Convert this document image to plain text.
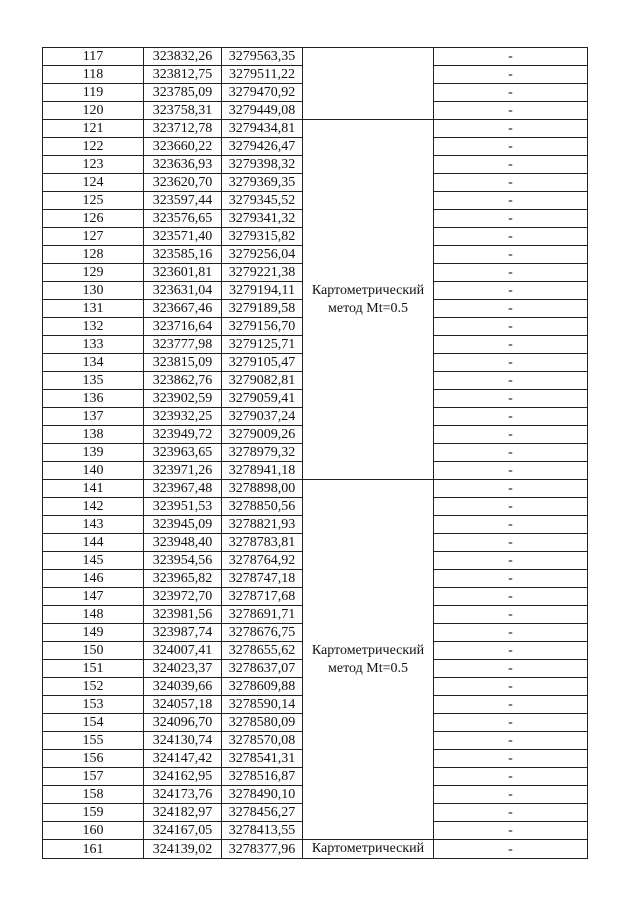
117	323832,26	3279563,35		-
118	323812,75	3279511,22		-
119	323785,09	3279470,92		-
120	323758,31	3279449,08		-
121	323712,78	3279434,81	Картометрический метод Mt=0.5	-
122	323660,22	3279426,47		-
123	323636,93	3279398,32		-
124	323620,70	3279369,35		-
125	323597,44	3279345,52		-
126	323576,65	3279341,32		-
127	323571,40	3279315,82		-
128	323585,16	3279256,04		-
129	323601,81	3279221,38		-
130	323631,04	3279194,11		-
131	323667,46	3279189,58		-
132	323716,64	3279156,70		-
133	323777,98	3279125,71		-
134	323815,09	3279105,47		-
135	323862,76	3279082,81		-
136	323902,59	3279059,41		-
137	323932,25	3279037,24		-
138	323949,72	3279009,26		-
139	323963,65	3278979,32		-
140	323971,26	3278941,18		-
141	323967,48	3278898,00	Картометрический метод Mt=0.5	-
142	323951,53	3278850,56		-
143	323945,09	3278821,93		-
144	323948,40	3278783,81		-
145	323954,56	3278764,92		-
146	323965,82	3278747,18		-
147	323972,70	3278717,68		-
148	323981,56	3278691,71		-
149	323987,74	3278676,75		-
150	324007,41	3278655,62		-
151	324023,37	3278637,07		-
152	324039,66	3278609,88		-
153	324057,18	3278590,14		-
154	324096,70	3278580,09		-
155	324130,74	3278570,08		-
156	324147,42	3278541,31		-
157	324162,95	3278516,87		-
158	324173,76	3278490,10		-
159	324182,97	3278456,27		-
160	324167,05	3278413,55		-
161	324139,02	3278377,96	Картометрический	-
